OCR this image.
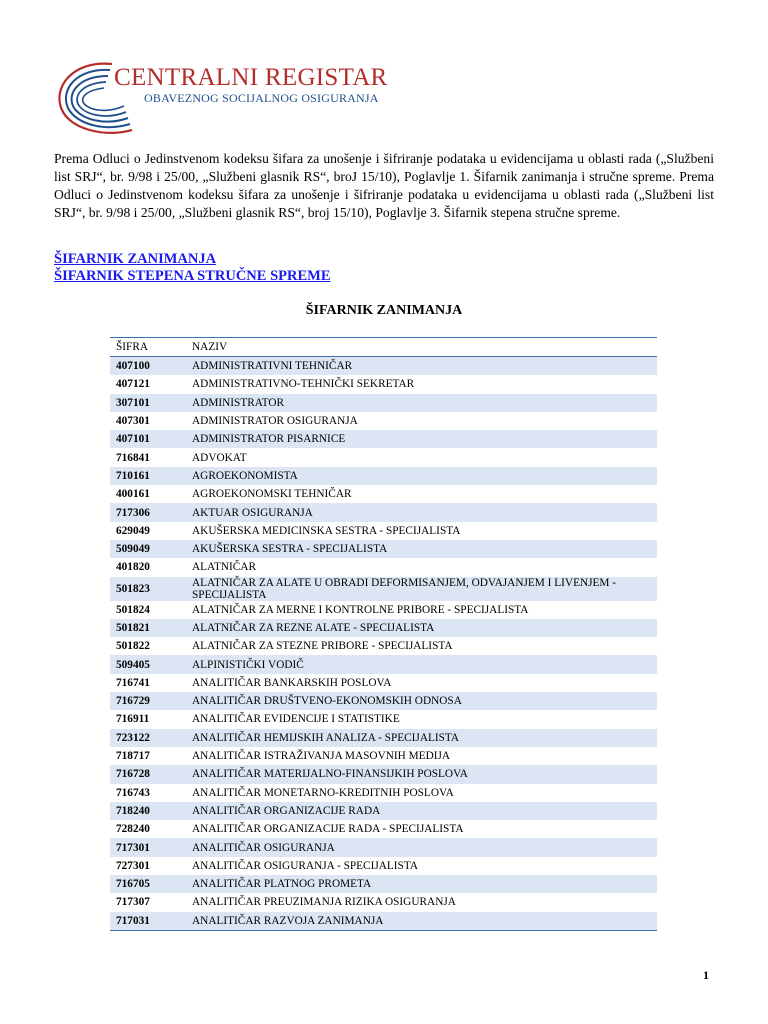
CENTRALNI REGISTAR
OBAVEZNOG SOCIJALNOG OSIGURANJA

Prema Odluci o Jedinstvenom kodeksu šifara za unošenje i šifriranje podataka u evidencijama u oblasti rada („Službeni list SRJ“, br. 9/98 i 25/00, „Službeni glasnik RS“, broJ 15/10), Poglavlje 1. Šifarnik zanimanja i stručne spreme. Prema Odluci o Jedinstvenom kodeksu šifara za unošenje i šifriranje podataka u evidencijama u oblasti rada („Službeni list SRJ“, br. 9/98 i 25/00, „Službeni glasnik RS“, broj 15/10), Poglavlje 3. Šifarnik stepena stručne spreme.

ŠIFARNIK ZANIMANJA
ŠIFARNIK STEPENA STRUČNE SPREME
ŠIFARNIK ZANIMANJA
ŠIFRA	NAZIV
407100	ADMINISTRATIVNI TEHNIČAR
407121	ADMINISTRATIVNO-TEHNIČKI SEKRETAR
307101	ADMINISTRATOR
407301	ADMINISTRATOR OSIGURANJA
407101	ADMINISTRATOR PISARNICE
716841	ADVOKAT
710161	AGROEKONOMISTA
400161	AGROEKONOMSKI TEHNIČAR
717306	AKTUAR OSIGURANJA
629049	AKUŠERSKA MEDICINSKA SESTRA - SPECIJALISTA
509049	AKUŠERSKA SESTRA - SPECIJALISTA
401820	ALATNIČAR
501823	ALATNIČAR ZA ALATE U OBRADI DEFORMISANJEM, ODVAJANJEM I LIVENJEM - SPECIJALISTA
501824	ALATNIČAR ZA MERNE I KONTROLNE PRIBORE - SPECIJALISTA
501821	ALATNIČAR ZA REZNE ALATE - SPECIJALISTA
501822	ALATNIČAR ZA STEZNE PRIBORE - SPECIJALISTA
509405	ALPINISTIČKI VODIČ
716741	ANALITIČAR BANKARSKIH POSLOVA
716729	ANALITIČAR DRUŠTVENO-EKONOMSKIH ODNOSA
716911	ANALITIČAR EVIDENCIJE I STATISTIKE
723122	ANALITIČAR HEMIJSKIH ANALIZA - SPECIJALISTA
718717	ANALITIČAR ISTRAŽIVANJA MASOVNIH MEDIJA
716728	ANALITIČAR MATERIJALNO-FINANSIJKIH POSLOVA
716743	ANALITIČAR MONETARNO-KREDITNIH POSLOVA
718240	ANALITIČAR ORGANIZACIJE RADA
728240	ANALITIČAR ORGANIZACIJE RADA - SPECIJALISTA
717301	ANALITIČAR OSIGURANJA
727301	ANALITIČAR OSIGURANJA - SPECIJALISTA
716705	ANALITIČAR PLATNOG PROMETA
717307	ANALITIČAR PREUZIMANJA RIZIKA OSIGURANJA
717031	ANALITIČAR RAZVOJA ZANIMANJA
1
